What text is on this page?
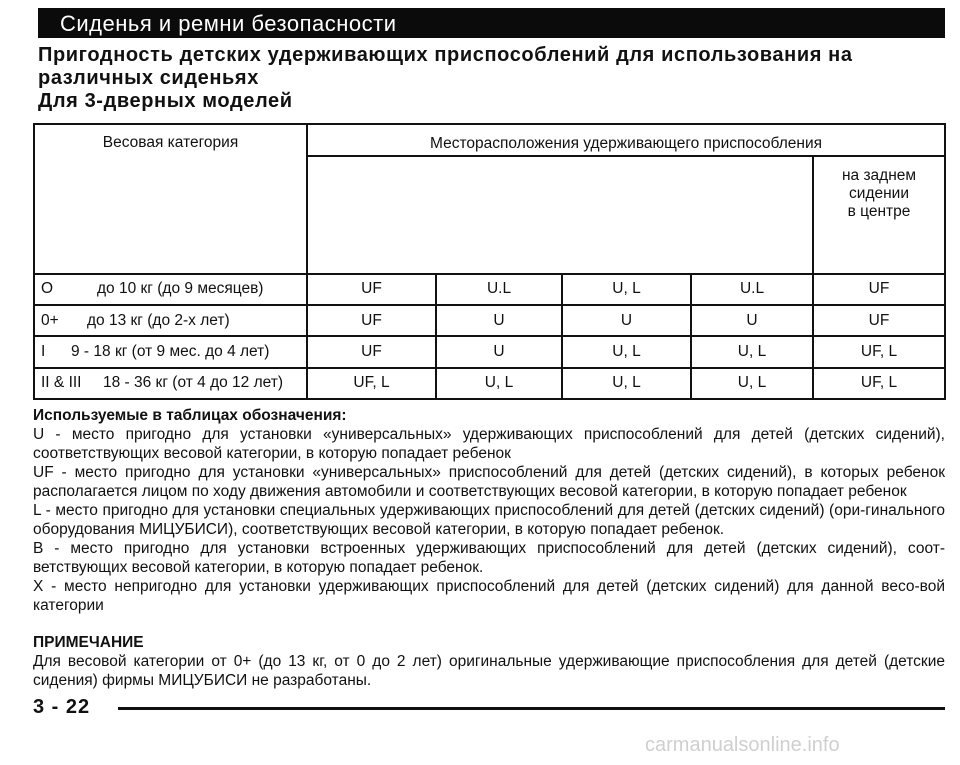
Сиденья и ремни безопасности
Пригодность детских удерживающих приспособлений для использования на
различных сиденьях
Для 3-дверных моделей
Весовая категория	Месторасположения удерживающего приспособления				

					на заднем сидении
в центре

O до 10 кг (до 9 месяцев)	UF	U.L	U, L	U.L	UF
0+ до 13 кг (до 2-х лет)	UF	U	U	U	UF
I 9 - 18 кг (от 9 мес. до 4 лет)	UF	U	U, L	U, L	UF, L
II & III 18 - 36 кг (от 4 до 12 лет)	UF, L	U, L	U, L	U, L	UF, L
Используемые в таблицах обозначения:
U - место пригодно для установки «универсальных» удерживающих приспособлений для детей (детских сидений), соответствующих весовой категории, в которую попадает ребенок
UF - место пригодно для установки «универсальных» приспособлений для детей (детских сидений), в которых ребенок располагается лицом по ходу движения автомобили и соответствующих весовой категории, в которую попадает ребенок
L - место пригодно для установки специальных удерживающих приспособлений для детей (детских сидений) (ори-гинального оборудования МИЦУБИСИ), соответствующих весовой категории, в которую попадает ребенок.
B - место пригодно для установки встроенных удерживающих приспособлений для детей (детских сидений), соот-ветствующих весовой категории, в которую попадает ребенок.
X - место непригодно для установки удерживающих приспособлений для детей (детских сидений) для данной весо-вой категории
ПРИМЕЧАНИЕ
Для весовой категории от 0+ (до 13 кг, от 0 до 2 лет) оригинальные удерживающие приспособления для детей (детские сидения) фирмы МИЦУБИСИ не разработаны.
3 - 22
carmanualsonline.info
